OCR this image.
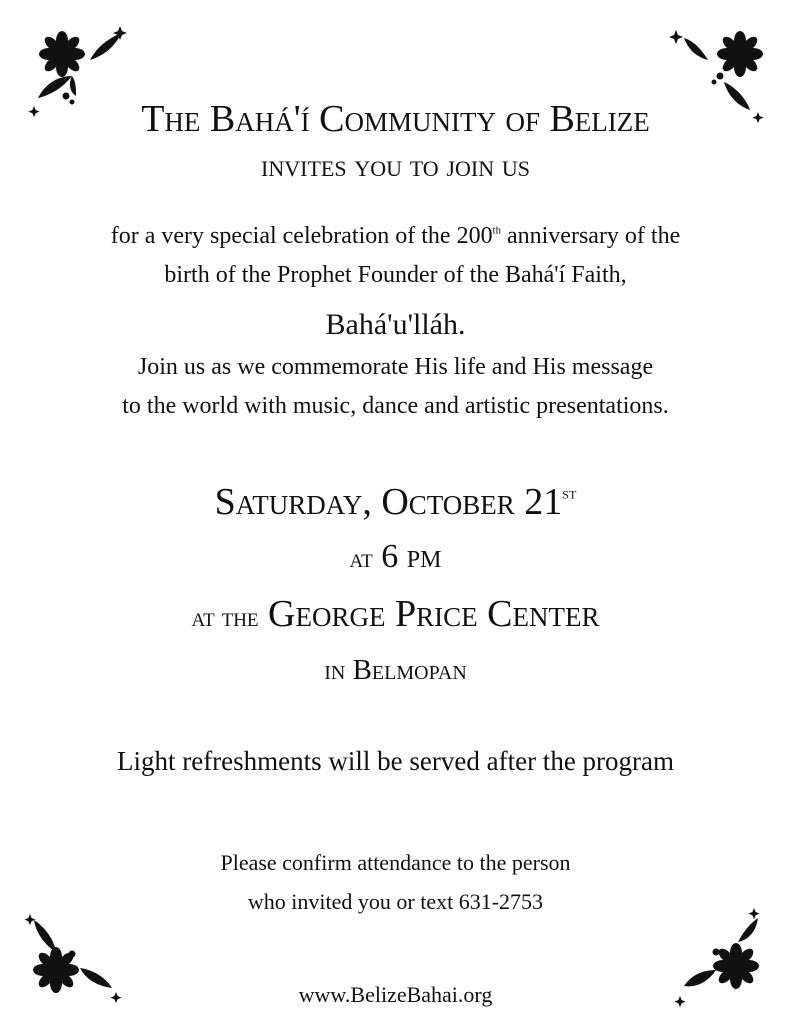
The Bahá'í Community of Belize
invites you to join us
for a very special celebration of the 200th anniversary of the
birth of the Prophet Founder of the Bahá'í Faith,
Bahá'u'lláh.
Join us as we commemorate His life and His message
to the world with music, dance and artistic presentations.
Saturday, October 21st
at 6 pm
at the George Price Center
in Belmopan
Light refreshments will be served after the program
Please confirm attendance to the person
who invited you or text 631-2753
www.BelizeBahai.org
